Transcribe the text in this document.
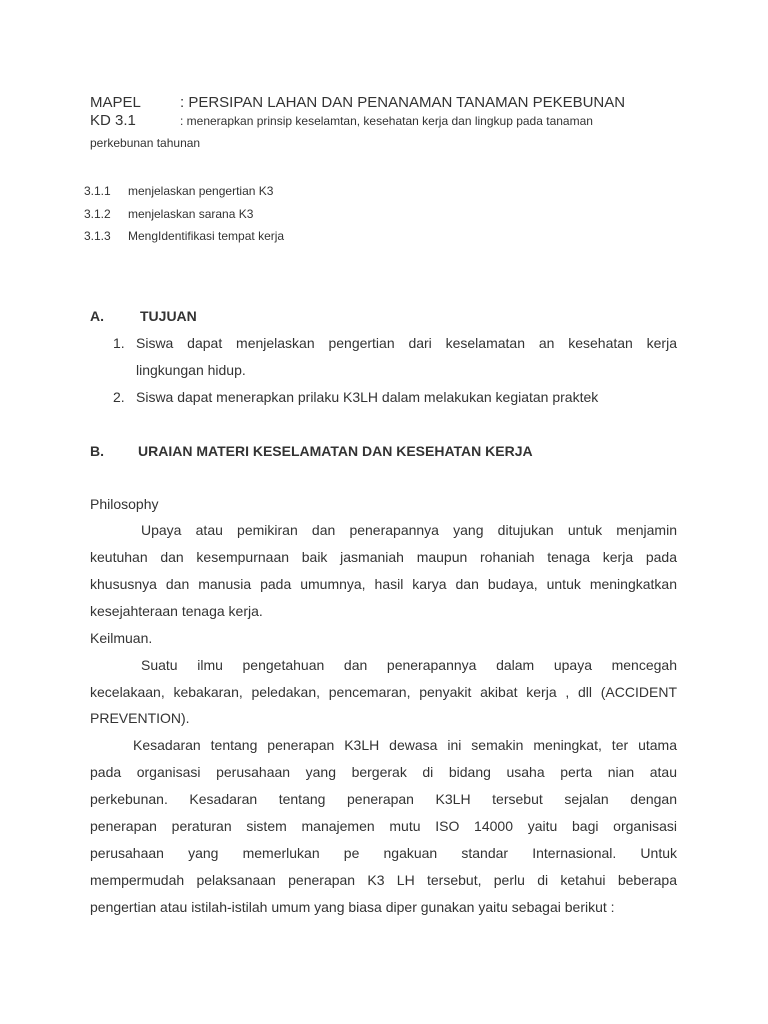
MAPEL	: PERSIPAN LAHAN DAN PENANAMAN TANAMAN PEKEBUNAN
KD 3.1	: menerapkan prinsip keselamtan, kesehatan kerja dan lingkup pada tanaman
perkebunan tahunan
3.1.1 menjelaskan pengertian K3
3.1.2 menjelaskan sarana K3
3.1.3 MengIdentifikasi tempat kerja
A.	TUJUAN
1. Siswa dapat menjelaskan pengertian dari keselamatan an kesehatan kerja
lingkungan hidup.
2. Siswa dapat menerapkan prilaku K3LH dalam melakukan kegiatan praktek
B. URAIAN MATERI KESELAMATAN DAN KESEHATAN KERJA
Philosophy
Upaya atau pemikiran dan penerapannya yang ditujukan untuk menjamin
keutuhan dan kesempurnaan baik jasmaniah maupun rohaniah tenaga kerja pada
khususnya dan manusia pada umumnya, hasil karya dan budaya, untuk meningkatkan
kesejahteraan tenaga kerja.
Keilmuan.
Suatu ilmu pengetahuan dan penerapannya dalam upaya mencegah
kecelakaan, kebakaran, peledakan, pencemaran, penyakit akibat kerja , dll (ACCIDENT
PREVENTION).
Kesadaran tentang penerapan K3LH dewasa ini semakin meningkat, ter utama
pada organisasi perusahaan yang bergerak di bidang usaha perta nian atau
perkebunan. Kesadaran tentang penerapan K3LH tersebut sejalan dengan
penerapan peraturan sistem manajemen mutu ISO 14000 yaitu bagi organisasi
perusahaan yang memerlukan pe ngakuan standar Internasional. Untuk
mempermudah pelaksanaan penerapan K3 LH tersebut, perlu di ketahui beberapa
pengertian atau istilah-istilah umum yang biasa diper gunakan yaitu sebagai berikut :
